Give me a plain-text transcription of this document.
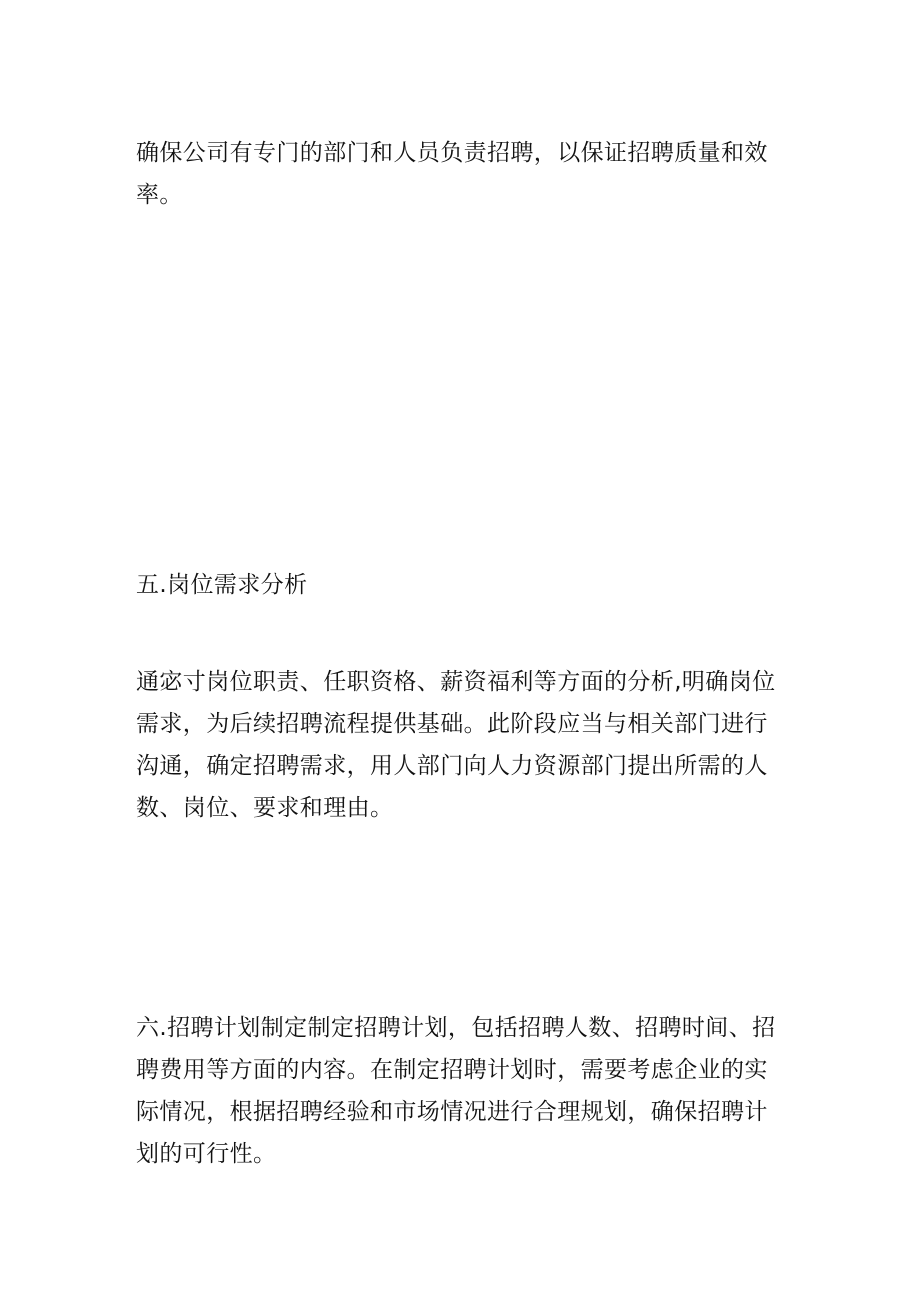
确保公司有专门的部门和人员负责招聘，以保证招聘质量和效
率。

五.岗位需求分析

通宓寸岗位职责、任职资格、薪资福利等方面的分析,明确岗位
需求，为后续招聘流程提供基础。此阶段应当与相关部门进行
沟通，确定招聘需求，用人部门向人力资源部门提出所需的人
数、岗位、要求和理由。

六.招聘计划制定制定招聘计划，包括招聘人数、招聘时间、招
聘费用等方面的内容。在制定招聘计划时，需要考虑企业的实
际情况，根据招聘经验和市场情况进行合理规划，确保招聘计
划的可行性。
